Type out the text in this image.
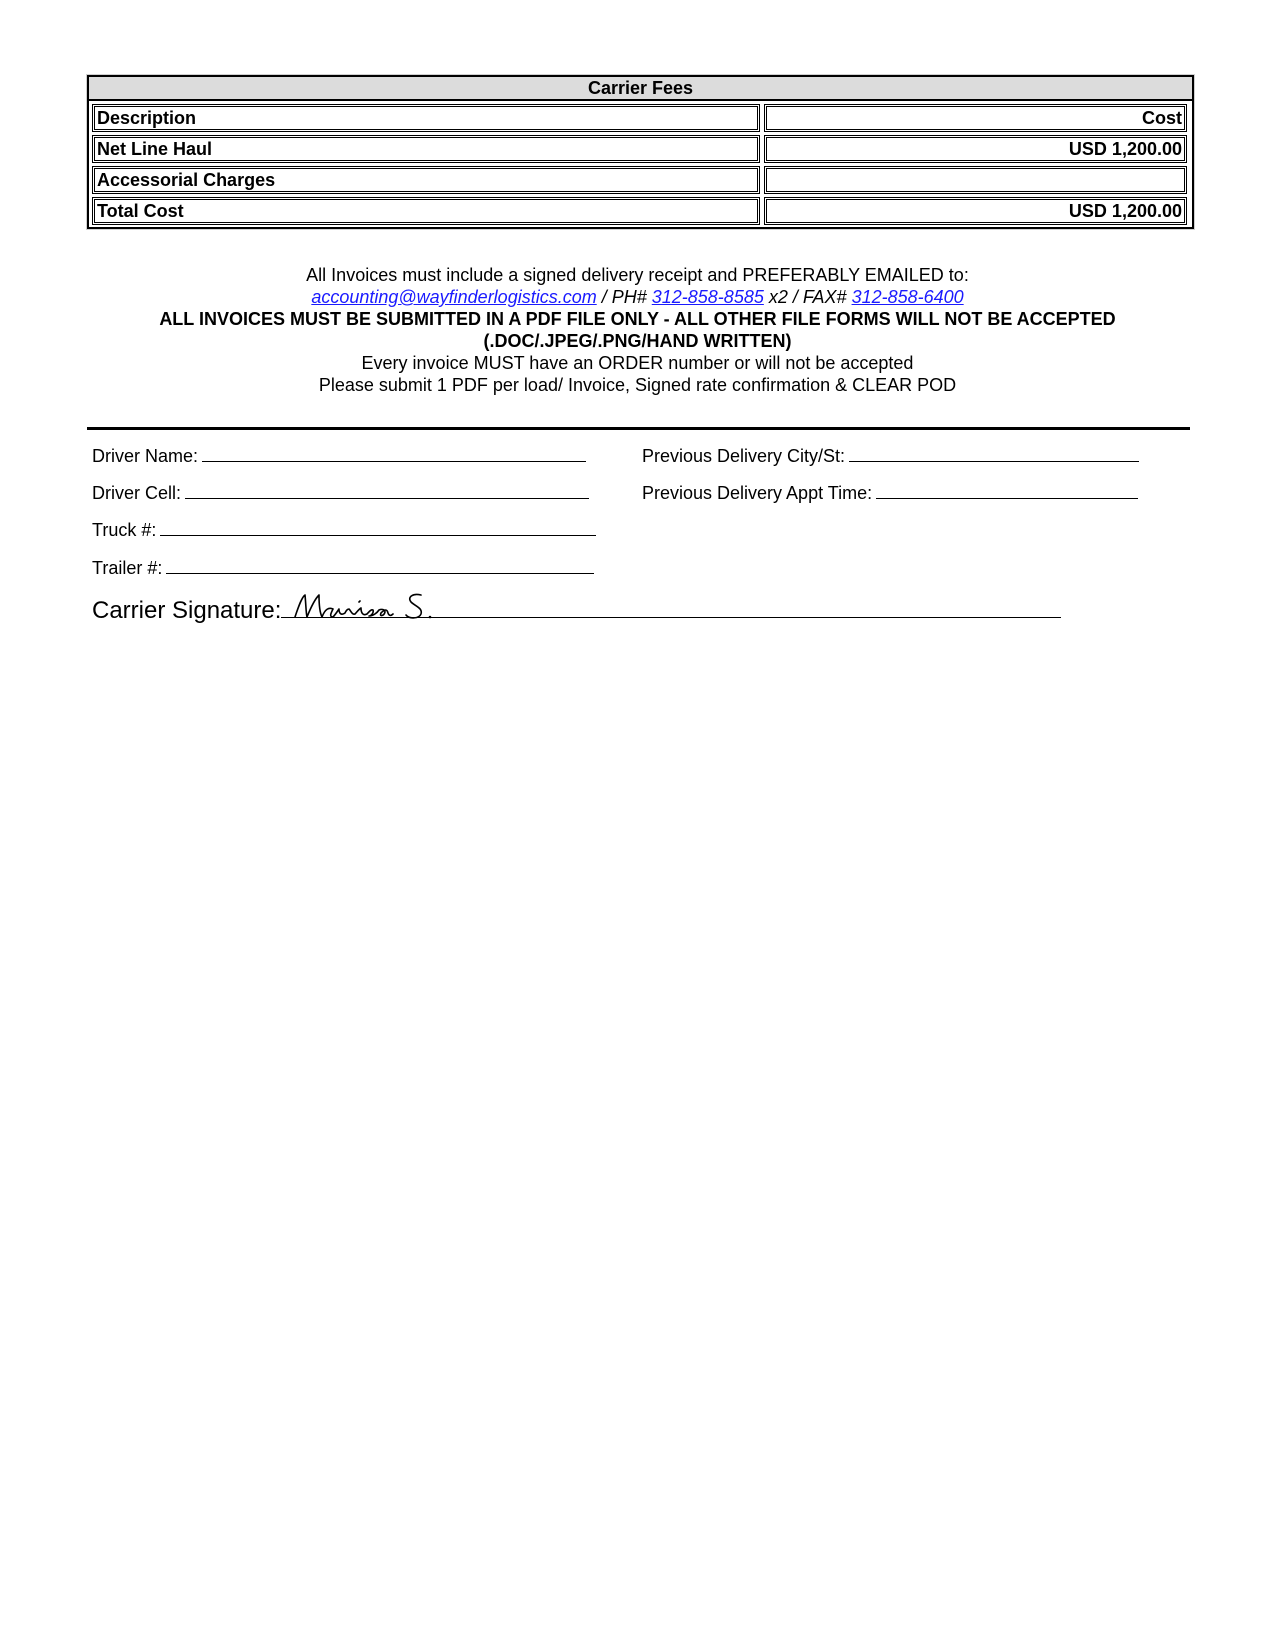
Carrier Fees
Description	Cost
Net Line Haul	USD 1,200.00
Accessorial Charges
Total Cost	USD 1,200.00
All Invoices must include a signed delivery receipt and PREFERABLY EMAILED to:
accounting@wayfinderlogistics.com / PH# 312-858-8585 x2 / FAX# 312-858-6400
ALL INVOICES MUST BE SUBMITTED IN A PDF FILE ONLY - ALL OTHER FILE FORMS WILL NOT BE ACCEPTED
(.DOC/.JPEG/.PNG/HAND WRITTEN)
Every invoice MUST have an ORDER number or will not be accepted
Please submit 1 PDF per load/ Invoice, Signed rate confirmation & CLEAR POD
Driver Name:
Driver Cell:
Truck #:
Trailer #:
Previous Delivery City/St:
Previous Delivery Appt Time:
Carrier Signature:
